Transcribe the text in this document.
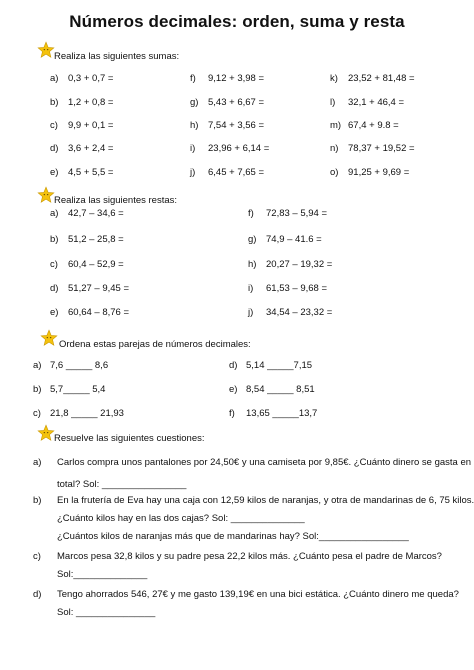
Números decimales: orden, suma y resta
Realiza las siguientes sumas:
a) 0,3 + 0,7 =
b) 1,2 + 0,8 =
c) 9,9 + 0,1 =
d) 3,6 + 2,4 =
e) 4,5 + 5,5 =
f) 9,12 + 3,98 =
g) 5,43 + 6,67 =
h) 7,54 + 3,56 =
i) 23,96 + 6,14 =
j) 6,45 + 7,65 =
k) 23,52 + 81,48 =
l) 32,1 + 46,4 =
m) 67,4 + 9.8 =
n) 78,37 + 19,52 =
o) 91,25 + 9,69 =
Realiza las siguientes restas:
a) 42,7 – 34,6 =
b) 51,2 – 25,8 =
c) 60,4 – 52,9 =
d) 51,27 – 9,45 =
e) 60,64 – 8,76 =
f) 72,83 – 5,94 =
g) 74,9 – 41.6 =
h) 20,27 – 19,32 =
i) 61,53 – 9,68 =
j) 34,54 – 23,32 =
Ordena estas parejas de números decimales:
a) 7,6 _____ 8,6
b) 5,7_____ 5,4
c) 21,8 _____ 21,93
d) 5,14 _____7,15
e) 8,54 _____ 8,51
f) 13,65 _____13,7
Resuelve las siguientes cuestiones:
a) Carlos compra unos pantalones por 24,50€ y una camiseta por 9,85€. ¿Cuánto dinero se gasta en
total? Sol: ________________
b) En la frutería de Eva hay una caja con 12,59 kilos de naranjas, y otra de mandarinas de 6, 75 kilos.
¿Cuánto kilos hay en las dos cajas? Sol: ______________
¿Cuántos kilos de naranjas más que de mandarinas hay? Sol:_________________
c) Marcos pesa 32,8 kilos y su padre pesa 22,2 kilos más. ¿Cuánto pesa el padre de Marcos?
Sol:______________
d) Tengo ahorrados 546, 27€ y me gasto 139,19€ en una bici estática. ¿Cuánto dinero me queda?
Sol: _______________
